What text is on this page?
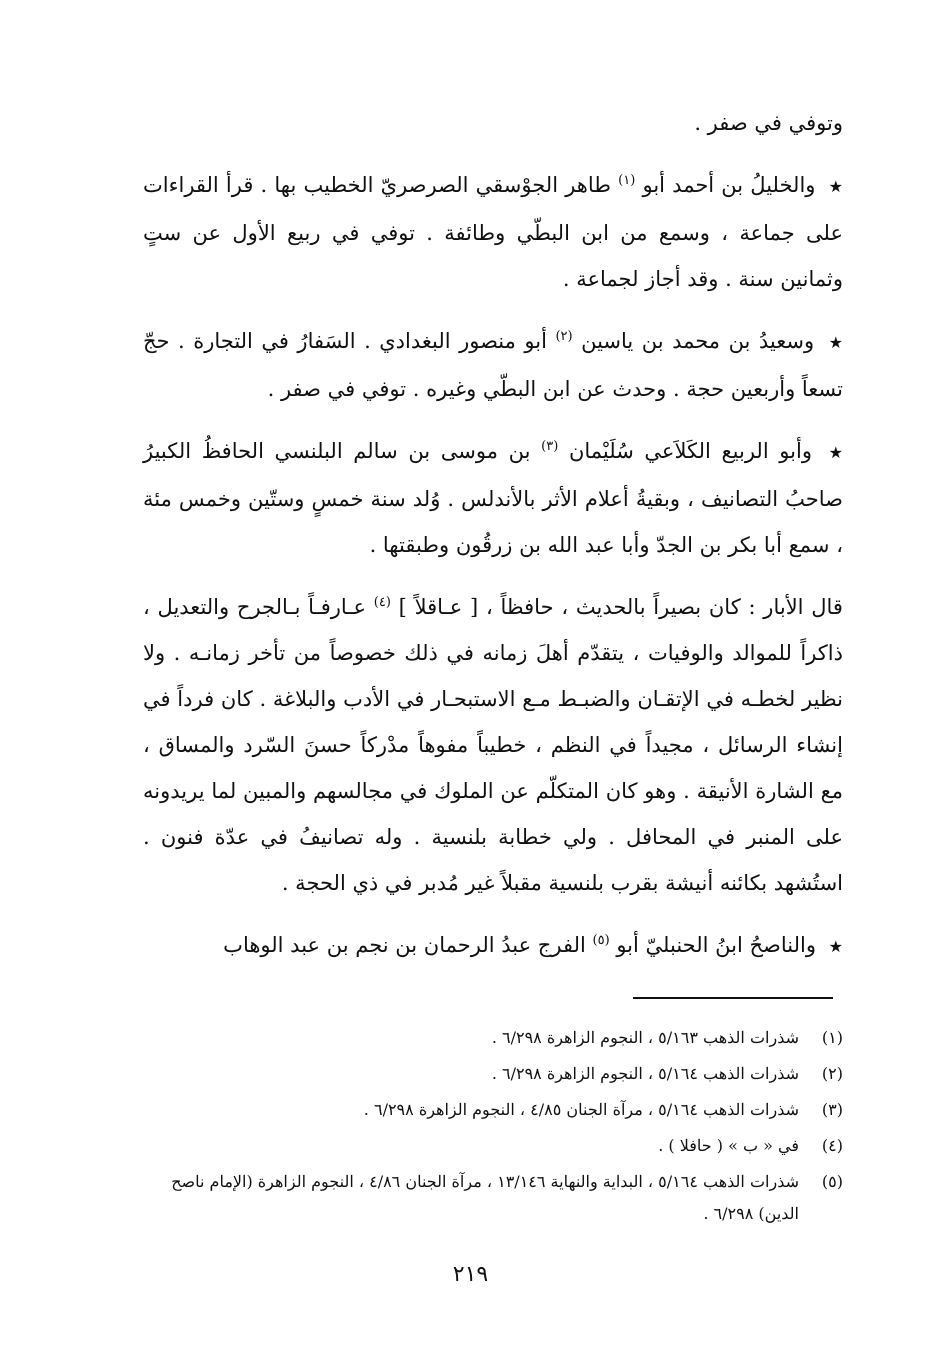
وتوفي في صفر .

★ والخليلُ بن أحمد أبو $^{(١)}$ طاهر الجوْسقي الصرصريّ الخطيب بها . قرأ القراءات على جماعة ، وسمع من ابن البطّي وطائفة . توفي في ربيع الأول عن ستٍ وثمانين سنة . وقد أجاز لجماعة .

★ وسعيدُ بن محمد بن ياسين $^{(٢)}$ أبو منصور البغدادي . السَفارُ في التجارة . حجّ تسعاً وأربعين حجة . وحدث عن ابن البطّي وغيره . توفي في صفر .

★ وأبو الربيع الكَلاَعي سُلَيْمان $^{(٣)}$ بن موسى بن سالم البلنسي الحافظُ الكبيرُ صاحبُ التصانيف ، وبقيةُ أعلام الأثر بالأندلس . وُلد سنة خمسٍ وستّين وخمس مئة ، سمع أبا بكر بن الجدّ وأبا عبد الله بن زرقُون وطبقتها .

قال الأبار : كان بصيراً بالحديث ، حافظاً ، [ عـاقلاً ] $^{(٤)}$ عـارفـاً بـالجرح والتعديل ، ذاكراً للموالد والوفيات ، يتقدّم أهلَ زمانه في ذلك خصوصاً من تأخر زمانـه . ولا نظير لخطـه في الإتقـان والضبـط مـع الاستبحـار في الأدب والبلاغة . كان فرداً في إنشاء الرسائل ، مجيداً في النظم ، خطيباً مفوهاً مدْركاً حسنَ السّرد والمساق ، مع الشارة الأنيقة . وهو كان المتكلّم عن الملوك في مجالسهم والمبين لما يريدونه على المنبر في المحافل . ولي خطابة بلنسية . وله تصانيفُ في عدّة فنون . استُشهد بكائنه أنيشة بقرب بلنسية مقبلاً غير مُدبر في ذي الحجة .

★ والناصحُ ابنُ الحنبليّ أبو $^{(٥)}$ الفرج عبدُ الرحمان بن نجم بن عبد الوهاب

(١)شذرات الذهب ٥/١٦٣ ، النجوم الزاهرة ٦/٢٩٨ .

(٢)شذرات الذهب ٥/١٦٤ ، النجوم الزاهرة ٦/٢٩٨ .

(٣)شذرات الذهب ٥/١٦٤ ، مرآة الجنان ٤/٨٥ ، النجوم الزاهرة ٦/٢٩٨ .

(٤)في « ب » ( حافلا ) .

(٥)شذرات الذهب ٥/١٦٤ ، البداية والنهاية ١٣/١٤٦ ، مرآة الجنان ٤/٨٦ ، النجوم الزاهرة (الإمام ناصح الدين) ٦/٢٩٨ .

٢١٩
